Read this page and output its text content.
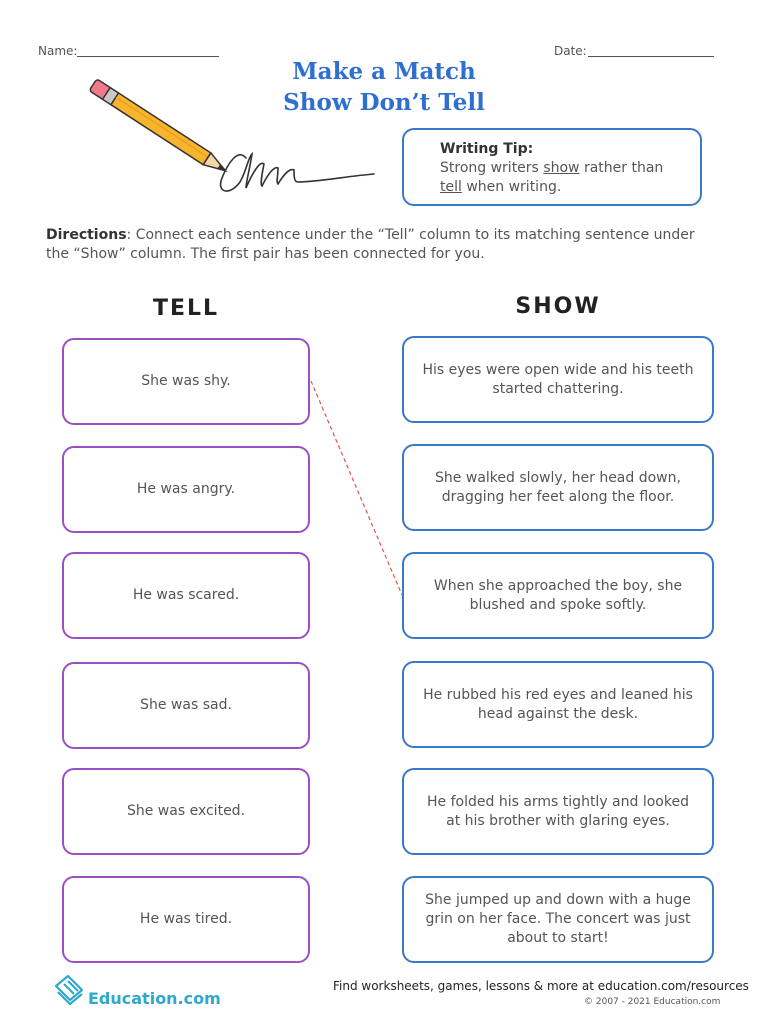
Name:	Date:
Make a Match
Show Don’t Tell
Writing Tip:
Strong writers show rather than
tell when writing.
Directions: Connect each sentence under the “Tell” column to its matching sentence under the “Show” column. The first pair has been connected for you.
TELL	SHOW
She was shy.
He was angry.
He was scared.
She was sad.
She was excited.
He was tired.
His eyes were open wide and his teeth started chattering.
She walked slowly, her head down, dragging her feet along the floor.
When she approached the boy, she blushed and spoke softly.
He rubbed his red eyes and leaned his head against the desk.
He folded his arms tightly and looked at his brother with glaring eyes.
She jumped up and down with a huge grin on her face. The concert was just about to start!
Education.com
Find worksheets, games, lessons & more at education.com/resources
© 2007 - 2021 Education.com
